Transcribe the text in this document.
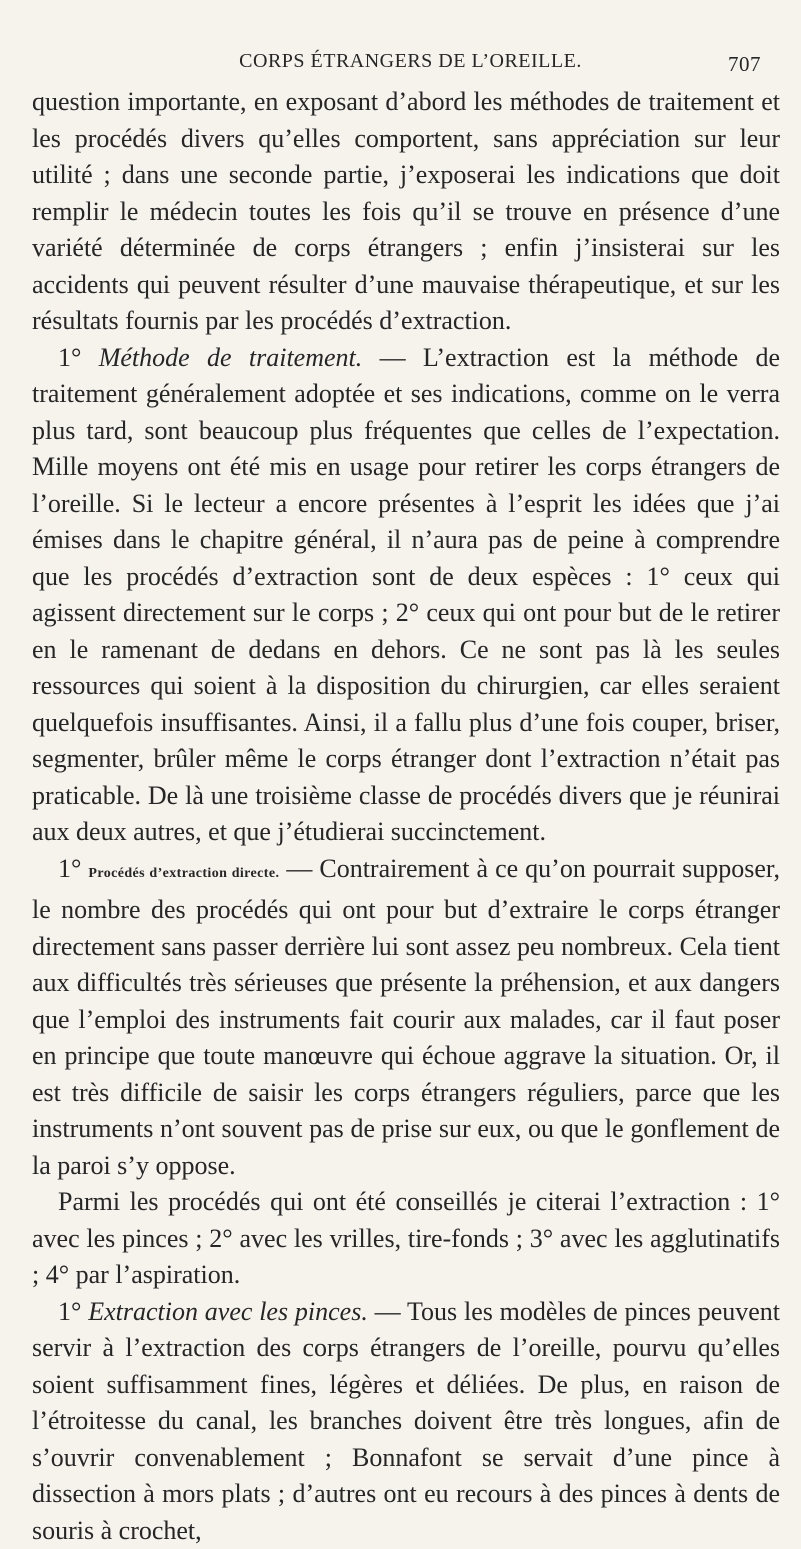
CORPS ÉTRANGERS DE L’OREILLE.	707

question importante, en exposant d’abord les méthodes de traitement et les procédés divers qu’elles comportent, sans appréciation sur leur utilité ; dans une seconde partie, j’exposerai les indications que doit remplir le médecin toutes les fois qu’il se trouve en présence d’une variété déterminée de corps étrangers ; enfin j’insisterai sur les accidents qui peuvent résulter d’une mauvaise thérapeutique, et sur les résultats fournis par les procédés d’extraction.

1° Méthode de traitement. — L’extraction est la méthode de traitement généralement adoptée et ses indications, comme on le verra plus tard, sont beaucoup plus fréquentes que celles de l’expectation. Mille moyens ont été mis en usage pour retirer les corps étrangers de l’oreille. Si le lecteur a encore présentes à l’esprit les idées que j’ai émises dans le chapitre général, il n’aura pas de peine à comprendre que les procédés d’extraction sont de deux espèces : 1° ceux qui agissent directement sur le corps ; 2° ceux qui ont pour but de le retirer en le ramenant de dedans en dehors. Ce ne sont pas là les seules ressources qui soient à la disposition du chirurgien, car elles seraient quelquefois insuffisantes. Ainsi, il a fallu plus d’une fois couper, briser, segmenter, brûler même le corps étranger dont l’extraction n’était pas praticable. De là une troisième classe de procédés divers que je réunirai aux deux autres, et que j’étudierai succinctement.

1° Procédés d’extraction directe. — Contrairement à ce qu’on pourrait supposer, le nombre des procédés qui ont pour but d’extraire le corps étranger directement sans passer derrière lui sont assez peu nombreux. Cela tient aux difficultés très sérieuses que présente la préhension, et aux dangers que l’emploi des instruments fait courir aux malades, car il faut poser en principe que toute manœuvre qui échoue aggrave la situation. Or, il est très difficile de saisir les corps étrangers réguliers, parce que les instruments n’ont souvent pas de prise sur eux, ou que le gonflement de la paroi s’y oppose.

Parmi les procédés qui ont été conseillés je citerai l’extraction : 1° avec les pinces ; 2° avec les vrilles, tire-fonds ; 3° avec les agglutinatifs ; 4° par l’aspiration.

1° Extraction avec les pinces. — Tous les modèles de pinces peuvent servir à l’extraction des corps étrangers de l’oreille, pourvu qu’elles soient suffisamment fines, légères et déliées. De plus, en raison de l’étroitesse du canal, les branches doivent être très longues, afin de s’ouvrir convenablement ; Bonnafont se servait d’une pince à dissection à mors plats ; d’autres ont eu recours à des pinces à dents de souris à crochet,
